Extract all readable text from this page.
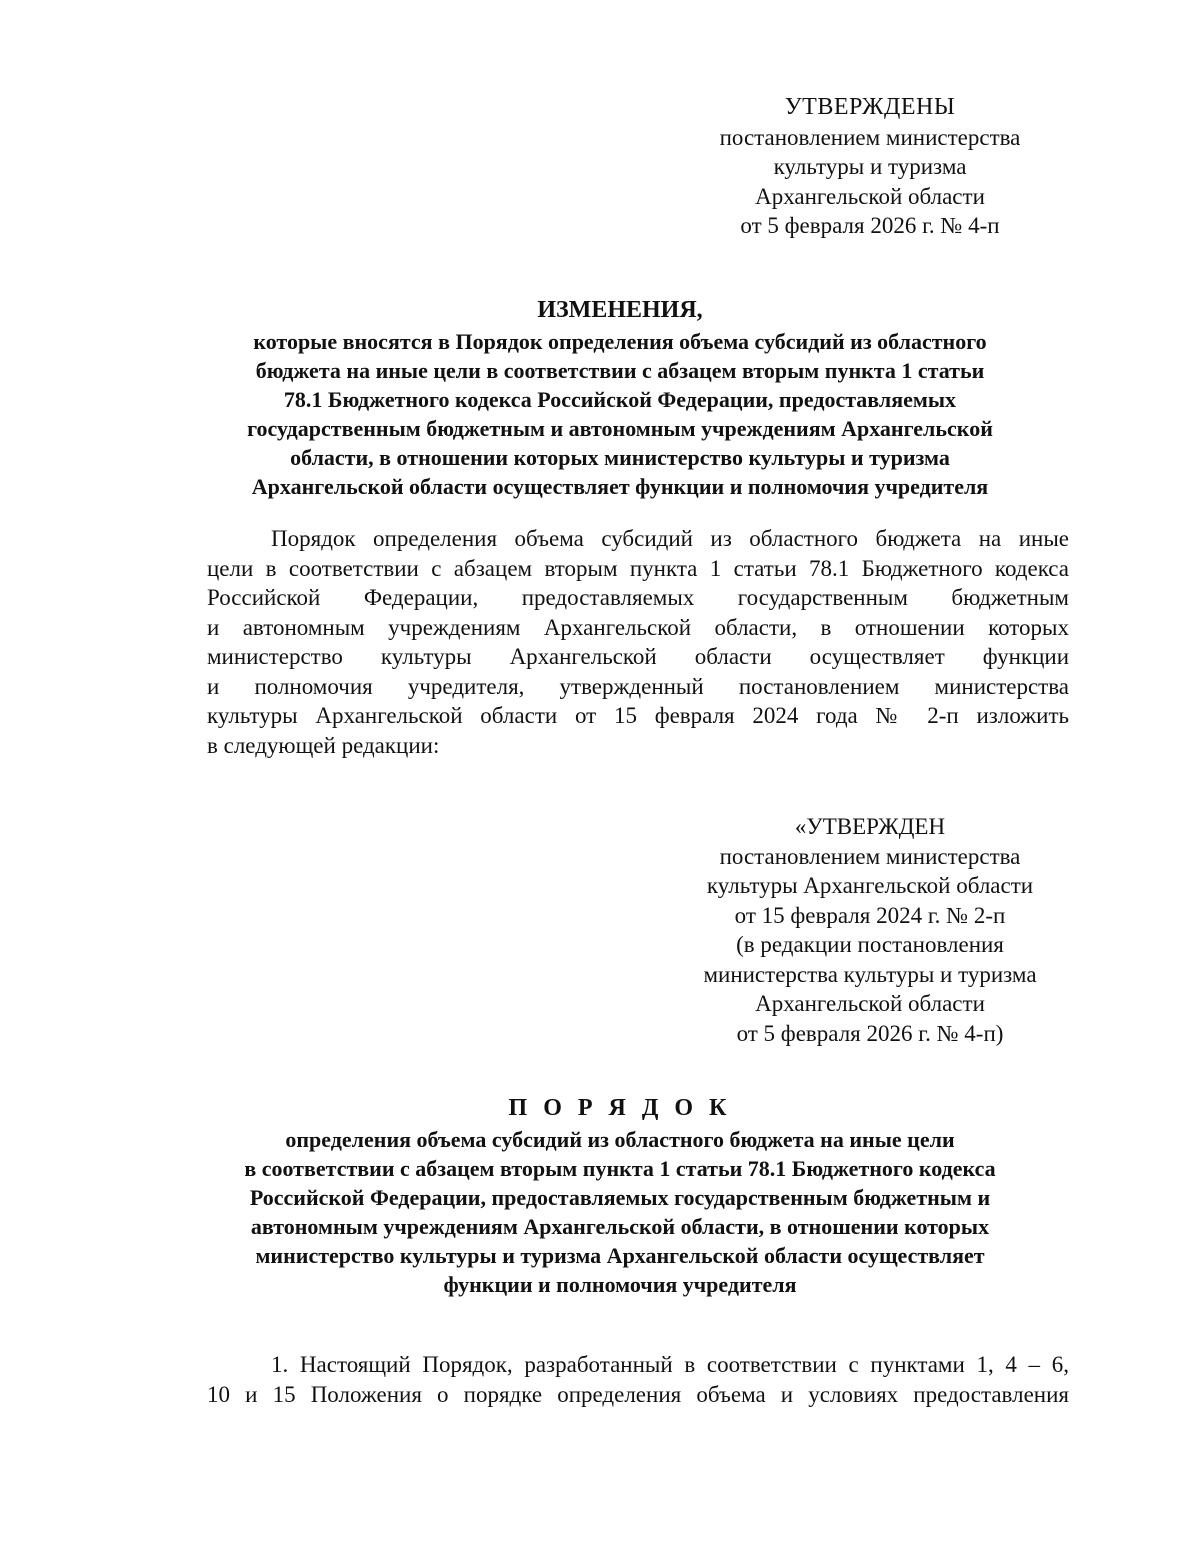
УТВЕРЖДЕНЫ
постановлением министерства
культуры и туризма
Архангельской области
от 5 февраля 2026 г. № 4-п
ИЗМЕНЕНИЯ,
которые вносятся в Порядок определения объема субсидий из областного
бюджета на иные цели в соответствии с абзацем вторым пункта 1 статьи
78.1 Бюджетного кодекса Российской Федерации, предоставляемых
государственным бюджетным и автономным учреждениям Архангельской
области, в отношении которых министерство культуры и туризма
Архангельской области осуществляет функции и полномочия учредителя
Порядок определения объема субсидий из областного бюджета на иные
цели в соответствии с абзацем вторым пункта 1 статьи 78.1 Бюджетного кодекса
Российской Федерации, предоставляемых государственным бюджетным
и автономным учреждениям Архангельской области, в отношении которых
министерство культуры Архангельской области осуществляет функции
и полномочия учредителя, утвержденный постановлением министерства
культуры Архангельской области от 15 февраля 2024 года № 2-п изложить
в следующей редакции:
«УТВЕРЖДЕН
постановлением министерства
культуры Архангельской области
от 15 февраля 2024 г. № 2-п
(в редакции постановления
министерства культуры и туризма
Архангельской области
от 5 февраля 2026 г. № 4-п)
П О Р Я Д О К
определения объема субсидий из областного бюджета на иные цели
в соответствии с абзацем вторым пункта 1 статьи 78.1 Бюджетного кодекса
Российской Федерации, предоставляемых государственным бюджетным и
автономным учреждениям Архангельской области, в отношении которых
министерство культуры и туризма Архангельской области осуществляет
функции и полномочия учредителя
1. Настоящий Порядок, разработанный в соответствии с пунктами 1, 4 – 6,
10 и 15 Положения о порядке определения объема и условиях предоставления
